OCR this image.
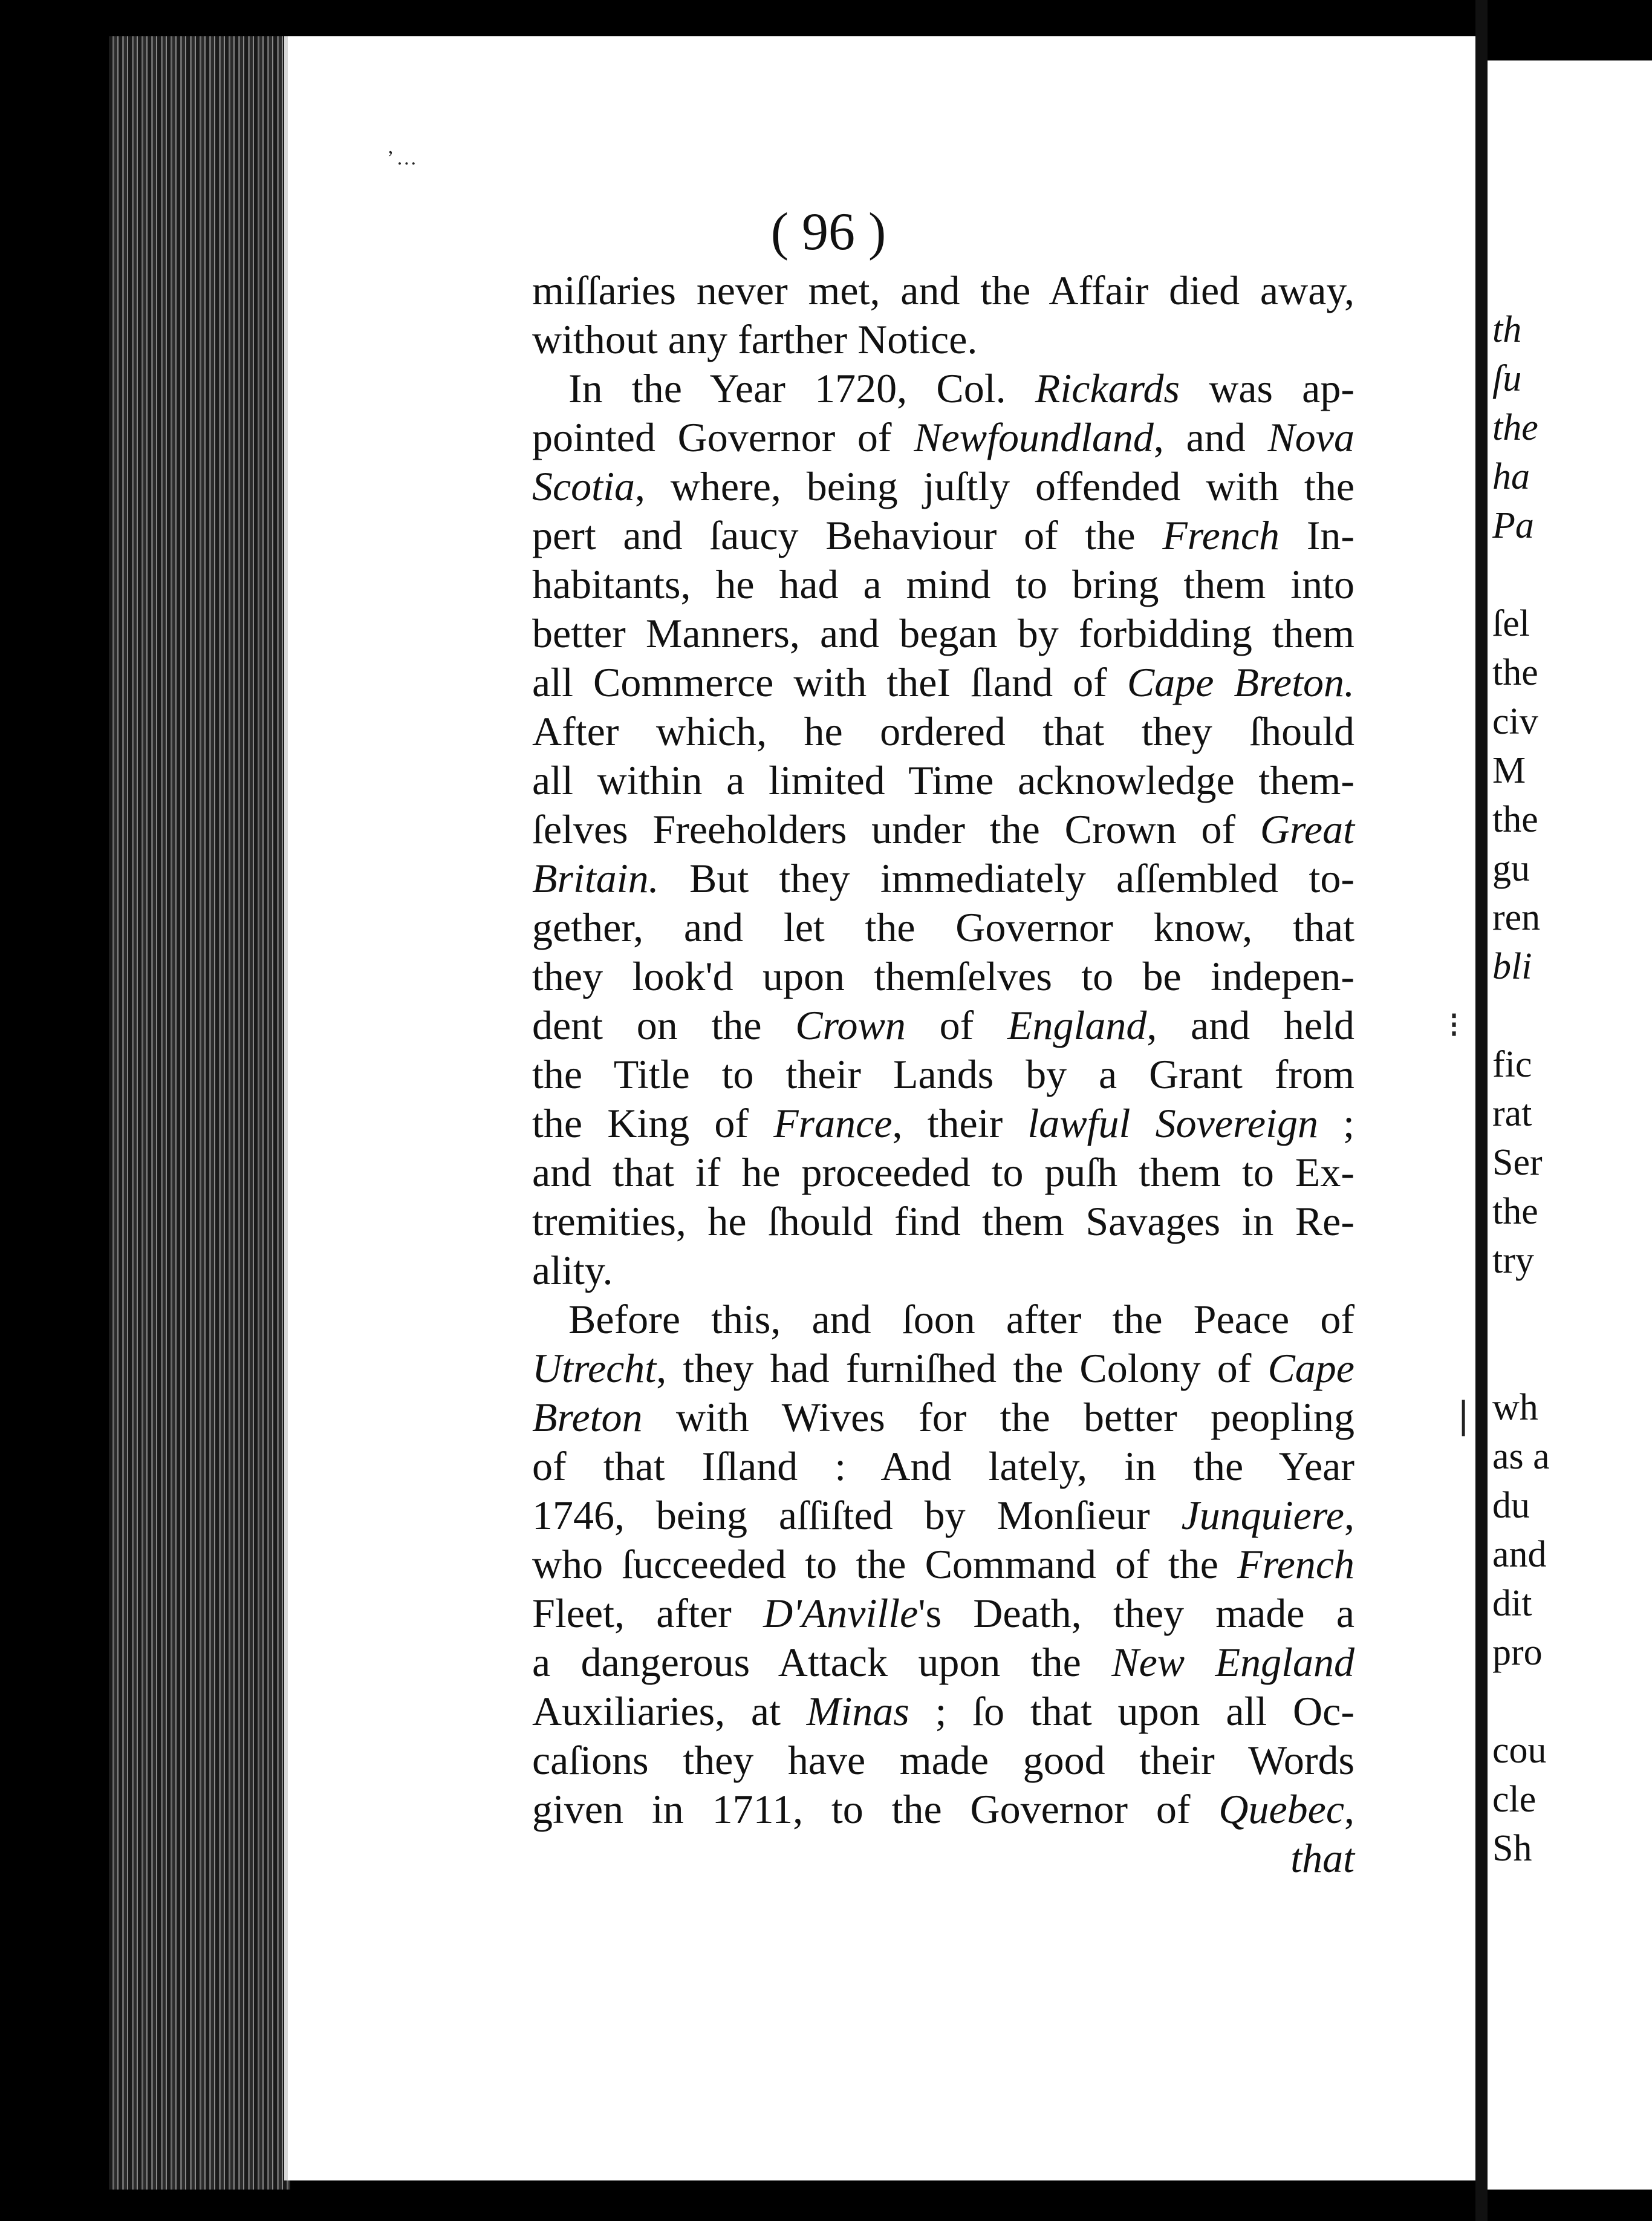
’…
( 96 )
miſſaries never met, and the Affair died away,
without any farther Notice.
In the Year 1720, Col. Rickards was ap-
pointed Governor of Newfoundland, and Nova
Scotia, where, being juſtly offended with the
pert and ſaucy Behaviour of the French In-
habitants, he had a mind to bring them into
better Manners, and began by forbidding them
all Commerce with theI ſland of Cape Breton.
After which, he ordered that they ſhould
all within a limited Time acknowledge them-
ſelves Freeholders under the Crown of Great
Britain. But they immediately aſſembled to-
gether, and let the Governor know, that
they look'd upon themſelves to be indepen-
dent on the Crown of England, and held
the Title to their Lands by a Grant from
the King of France, their lawful Sovereign ;
and that if he proceeded to puſh them to Ex-
tremities, he ſhould find them Savages in Re-
ality.
Before this, and ſoon after the Peace of
Utrecht, they had furniſhed the Colony of Cape
Breton with Wives for the better peopling
of that Iſland : And lately, in the Year
1746, being aſſiſted by Monſieur Junquiere,
who ſucceeded to the Command of the French
Fleet, after D'Anville's Death, they made a
a dangerous Attack upon the New England
Auxiliaries, at Minas ; ſo that upon all Oc-
caſions they have made good their Words
given in 1711, to the Governor of Quebec,
that
th
ſu
the
ha
Pa
ſel
the
civ
M
the
gu
ren
bli
fic
rat
Ser
the
try
wh
as a
du
and
dit
pro
cou
cle
Sh
⁝
❘
